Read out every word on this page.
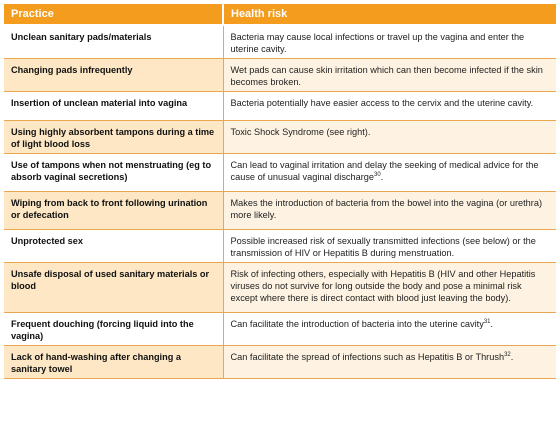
Practice	Health risk
Unclean sanitary pads/materials	Bacteria may cause local infections or travel up the vagina and enter the uterine cavity.
Changing pads infrequently	Wet pads can cause skin irritation which can then become infected if the skin becomes broken.
Insertion of unclean material into vagina	Bacteria potentially have easier access to the cervix and the uterine cavity.
Using highly absorbent tampons during a time of light blood loss	Toxic Shock Syndrome (see right).
Use of tampons when not menstruating (eg to absorb vaginal secretions)	Can lead to vaginal irritation and delay the seeking of medical advice for the cause of unusual vaginal discharge$^{30}$.
Wiping from back to front following urination or defecation	Makes the introduction of bacteria from the bowel into the vagina (or urethra) more likely.
Unprotected sex	Possible increased risk of sexually transmitted infections (see below) or the transmission of HIV or Hepatitis B during menstruation.
Unsafe disposal of used sanitary materials or blood	Risk of infecting others, especially with Hepatitis B (HIV and other Hepatitis viruses do not survive for long outside the body and pose a minimal risk except where there is direct contact with blood just leaving the body).
Frequent douching (forcing liquid into the vagina)	Can facilitate the introduction of bacteria into the uterine cavity$^{31}$.
Lack of hand-washing after changing a sanitary towel	Can facilitate the spread of infections such as Hepatitis B or Thrush$^{32}$.
